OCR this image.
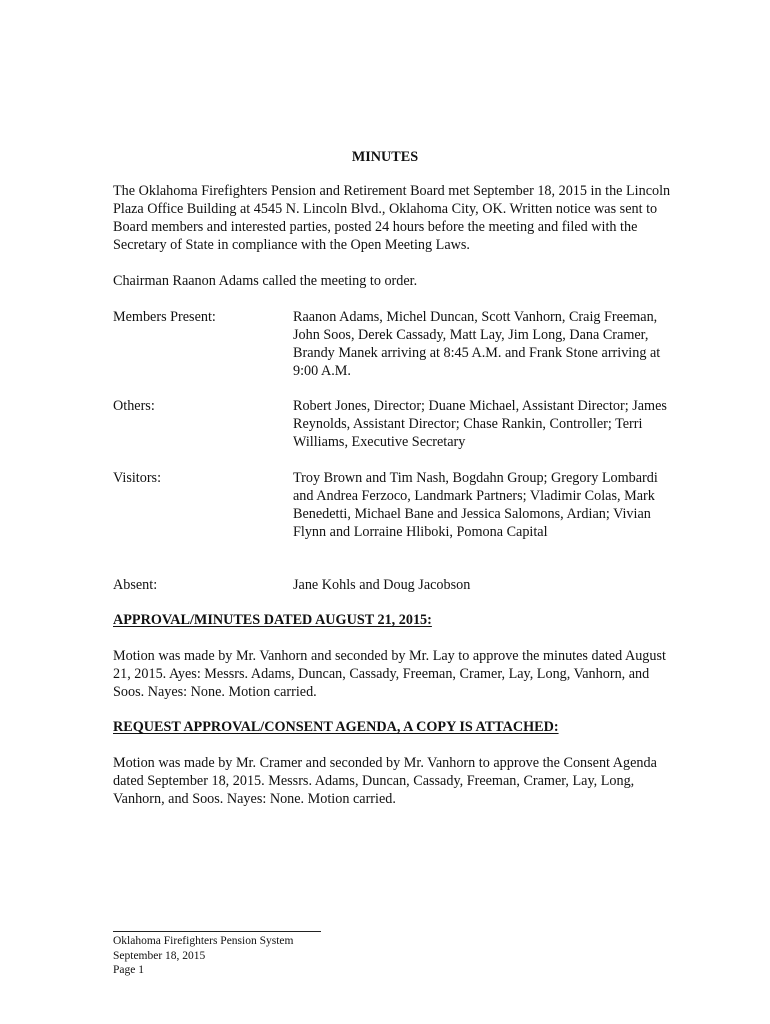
MINUTES

The Oklahoma Firefighters Pension and Retirement Board met September 18, 2015 in the Lincoln Plaza Office Building at 4545 N. Lincoln Blvd., Oklahoma City, OK. Written notice was sent to Board members and interested parties, posted 24 hours before the meeting and filed with the Secretary of State in compliance with the Open Meeting Laws.

Chairman Raanon Adams called the meeting to order.

Members Present:	Raanon Adams, Michel Duncan, Scott Vanhorn, Craig Freeman, John Soos, Derek Cassady, Matt Lay, Jim Long, Dana Cramer, Brandy Manek arriving at 8:45 A.M. and Frank Stone arriving at 9:00 A.M.
Others:	Robert Jones, Director; Duane Michael, Assistant Director; James Reynolds, Assistant Director; Chase Rankin, Controller; Terri Williams, Executive Secretary
Visitors:	Troy Brown and Tim Nash, Bogdahn Group; Gregory Lombardi and Andrea Ferzoco, Landmark Partners; Vladimir Colas, Mark Benedetti, Michael Bane and Jessica Salomons, Ardian; Vivian Flynn and Lorraine Hliboki, Pomona Capital
Absent:	Jane Kohls and Doug Jacobson
APPROVAL/MINUTES DATED AUGUST 21, 2015:

Motion was made by Mr. Vanhorn and seconded by Mr. Lay to approve the minutes dated August 21, 2015. Ayes: Messrs. Adams, Duncan, Cassady, Freeman, Cramer, Lay, Long, Vanhorn, and Soos. Nayes: None. Motion carried.

REQUEST APPROVAL/CONSENT AGENDA, A COPY IS ATTACHED:

Motion was made by Mr. Cramer and seconded by Mr. Vanhorn to approve the Consent Agenda dated September 18, 2015. Messrs. Adams, Duncan, Cassady, Freeman, Cramer, Lay, Long, Vanhorn, and Soos. Nayes: None. Motion carried.

Oklahoma Firefighters Pension System
September 18, 2015
Page 1
